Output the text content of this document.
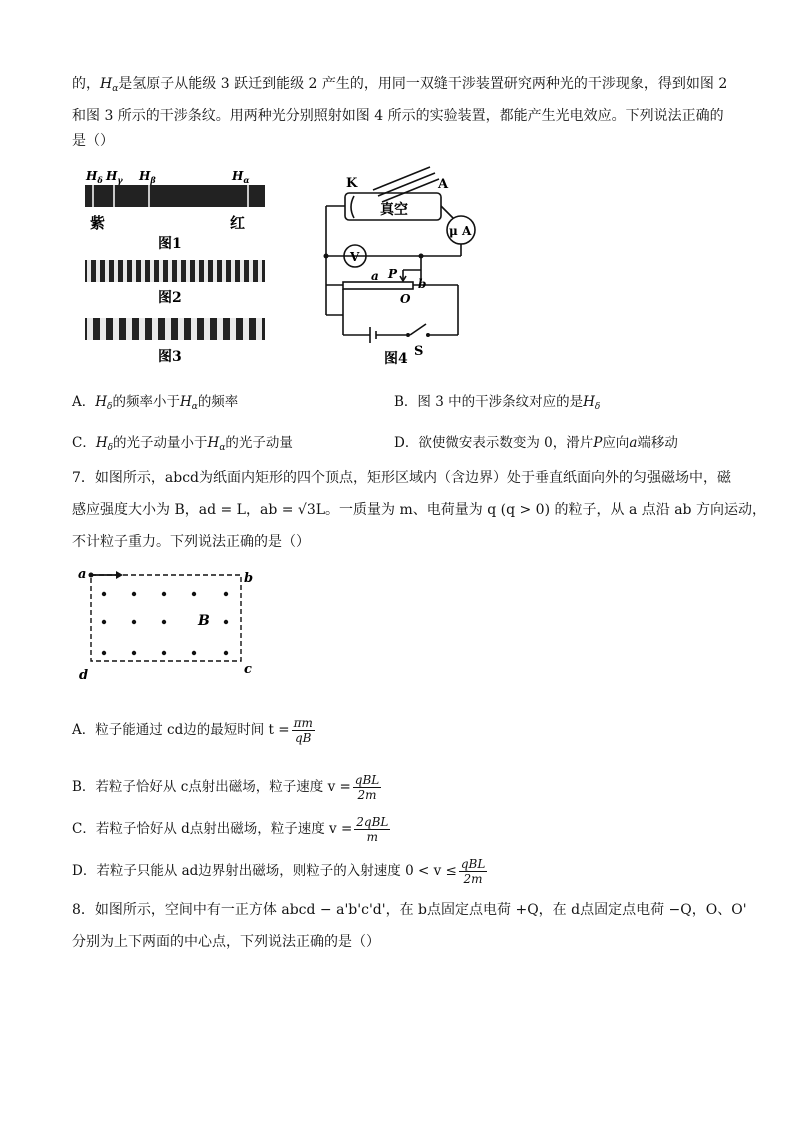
的，$H_\alpha$是氢原子从能级 3 跃迁到能级 2 产生的，用同一双缝干涉装置研究两种光的干涉现象，得到如图 2
和图 3 所示的干涉条纹。用两种光分别照射如图 4 所示的实验装置，都能产生光电效应。下列说法正确的
是（）
$H_\delta$ $H_\gamma$ $H_\beta$	$H_\alpha$
紫	红
图1
图2
图3
K	A
真空
μ A
V
a P
b
O
S
图4
A．$H_\delta$的频率小于$H_\alpha$的频率	B．图 3 中的干涉条纹对应的是$H_\delta$
C．$H_\delta$的光子动量小于$H_\alpha$的光子动量	D．欲使微安表示数变为 0，滑片P应向a端移动
7．如图所示，abcd为纸面内矩形的四个顶点，矩形区域内（含边界）处于垂直纸面向外的匀强磁场中，磁
感应强度大小为 B，ad = L，ab = √3L。一质量为 m、电荷量为 q (q > 0) 的粒子，从 a 点沿 ab 方向运动，
不计粒子重力。下列说法正确的是（）
a	b
c
d
B
A．粒子能通过 cd边的最短时间 $t = \frac{\pi m}{qB}$
B．若粒子恰好从 c点射出磁场，粒子速度 $v = \frac{\text{qBL}}{2m}$
C．若粒子恰好从 d点射出磁场，粒子速度 $v = \frac{\text{2qBL}}{m}$
D．若粒子只能从 ad边界射出磁场，则粒子的入射速度 $0 < v \le \frac{\text{qBL}}{2m}$
8．如图所示，空间中有一正方体 abcd − a'b'c'd'，在 b点固定点电荷 +Q，在 d点固定点电荷 −Q，O、O'
分别为上下两面的中心点，下列说法正确的是（）
